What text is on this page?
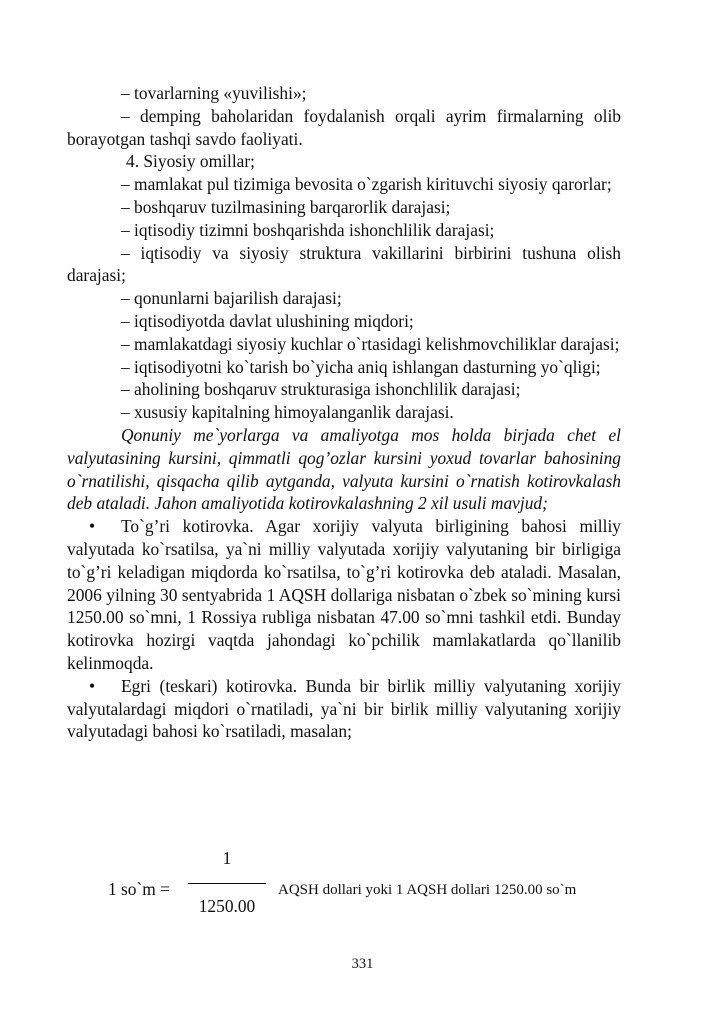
– tovarlarning «yuvilishi»;

– demping baholaridan foydalanish orqali ayrim firmalarning olib borayotgan tashqi savdo faoliyati.

4. Siyosiy omillar;

– mamlakat pul tizimiga bevosita o`zgarish kirituvchi siyosiy qarorlar;

– boshqaruv tuzilmasining barqarorlik darajasi;

– iqtisodiy tizimni boshqarishda ishonchlilik darajasi;

– iqtisodiy va siyosiy struktura vakillarini birbirini tushuna olish darajasi;

– qonunlarni bajarilish darajasi;

– iqtisodiyotda davlat ulushining miqdori;

– mamlakatdagi siyosiy kuchlar o`rtasidagi kelishmovchiliklar darajasi;

– iqtisodiyotni ko`tarish bo`yicha aniq ishlangan dasturning yo`qligi;

– aholining boshqaruv strukturasiga ishonchlilik darajasi;

– xususiy kapitalning himoyalanganlik darajasi.

Qonuniy me`yorlarga va amaliyotga mos holda birjada chet el valyutasining kursini, qimmatli qog’ozlar kursini yoxud tovarlar bahosining o`rnatilishi, qisqacha qilib aytganda, valyuta kursini o`rnatish kotirovkalash deb ataladi. Jahon amaliyotida kotirovkalashning 2 xil usuli mavjud;

• To`g’ri kotirovka. Agar xorijiy valyuta birligining bahosi milliy valyutada ko`rsatilsa, ya`ni milliy valyutada xorijiy valyutaning bir birligiga to`g’ri keladigan miqdorda ko`rsatilsa, to`g’ri kotirovka deb ataladi. Masalan, 2006 yilning 30 sentyabrida 1 AQSH dollariga nisbatan o`zbek so`mining kursi 1250.00 so`mni, 1 Rossiya rubliga nisbatan 47.00 so`mni tashkil etdi. Bunday kotirovka hozirgi vaqtda jahondagi ko`pchilik mamlakatlarda qo`llanilib kelinmoqda.

• Egri (teskari) kotirovka. Bunda bir birlik milliy valyutaning xorijiy valyutalardagi miqdori o`rnatiladi, ya`ni bir birlik milliy valyutaning xorijiy valyutadagi bahosi ko`rsatiladi, masalan;

1 so`m =
1
1250.00
AQSH dollari yoki 1 AQSH dollari 1250.00 so`m
331
